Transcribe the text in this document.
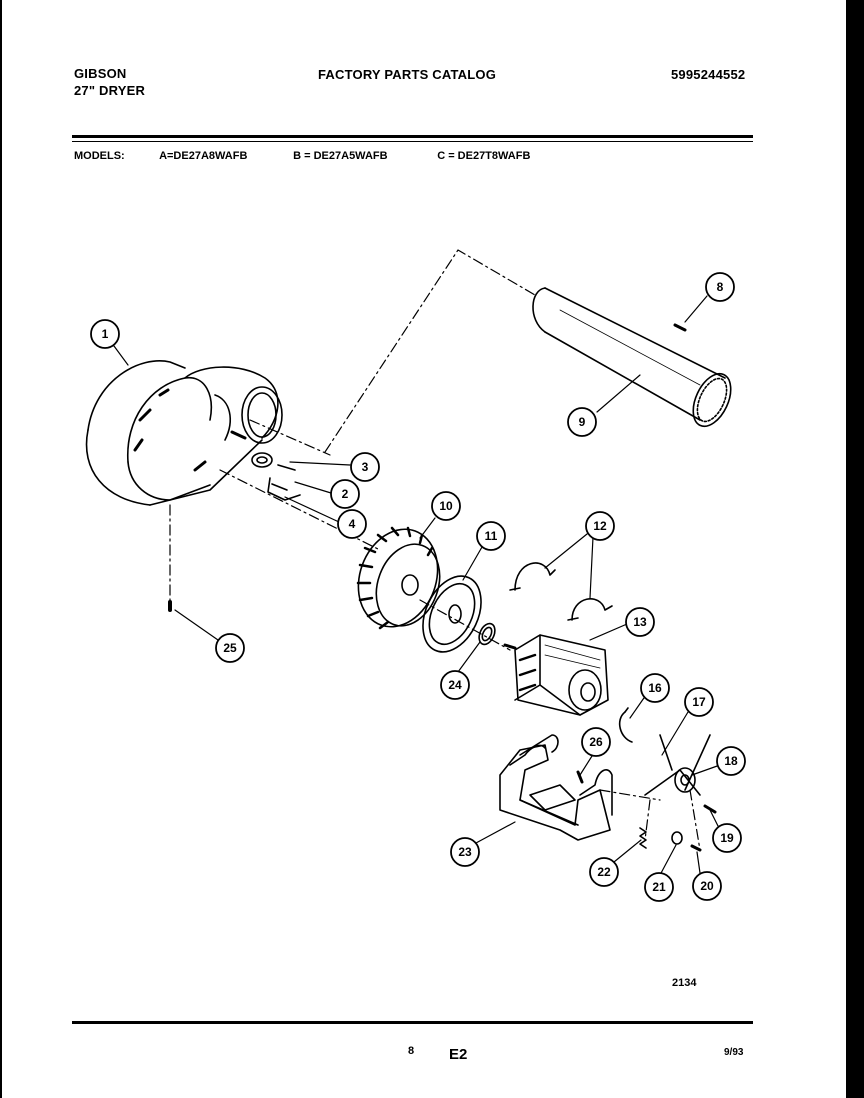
GIBSON
27" DRYER
FACTORY PARTS CATALOG	5995244552
MODELS:	A=DE27A8WAFB	B = DE27A5WAFB	C = DE27T8WAFB
1
2
3
4
8
9
10
11
12
13
16
17
18
19
20
21
22
23
24
25
26
2134
8 E2	9/93
